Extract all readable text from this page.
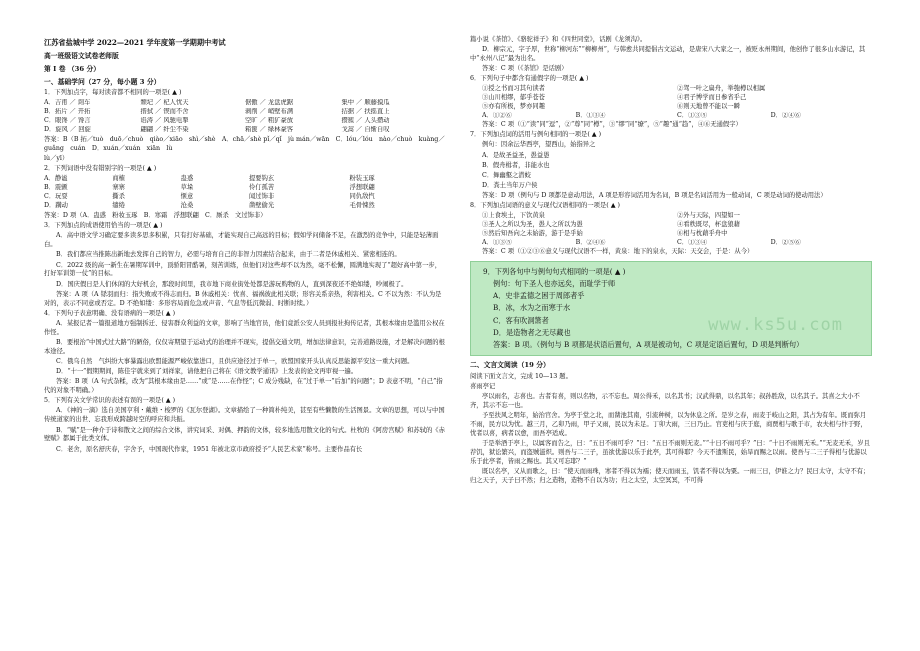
江苏省盐城中学 2022—2021 学年度第一学期期中考试

高一班级语文试卷老师版

第 I 卷 （36 分）

一、基础学问（27 分，每小题 3 分）

1．下列加点字，每对读音都不相同的一项是( ▲ )

A．吉甫 ／ 剡车	颓圮 ／ 杞人忧天	倨傲 ／ 龙盘虎踞	集中 ／ 顺藤摸瓜
B．拓片 ／ 开拓	揩拭 ／ 锲而不舍	剥削 ／ 峭壁布满	拮据 ／ 扶摇直上
C．眼馋 ／ 馋言	谄涛 ／ 风驰电掣	空旷 ／ 粗犷豪放	攒簇 ／ 人头攒动
D．旋风 ／ 回旋	翩翩 ／ 纤尘不染	箱箧 ／ 绿林豪客	戈蒿 ／ 自惭自叹

答案：B（B 拓／tuò　duō／chuò　qiào／xiāo　shì／shè　A．chā／shè pǐ／qǐ　jù mán／wān　C．lóu／lóu　nào／chuò　kuàng／guǎng　cuán　D．xuán／xuán　xiān　lù

lù／yī）

2．下列词语中没有错别字的一项是( ▲ )

A．静谧	商榷	蛊惑	提要钩玄	粉装玉琢
B．震颤	寨寨	草垛	伶仃孤苦	浮想联翩
C．玩耍	撕杀	惬意	闻过饰非	同仇敌忾
D．蹒动	缱绻	沧桑	凿壁偷光	毛骨悚然

答案：D 项（A．蛊惑　粉妆玉琢　B．寒霜　浮想联翩　C．厮杀　文过饰非）

3．下列加点的成语使用恰当的一项是( ▲ )

A．高中语文学习确定要多读多思多积累，只有打好基础，才能实现自己高远的目标；假如学问储备不足，在激烈的竞争中，只能是轻薄面白。

B．我们都应当推陈出新地去发挥自己的智力，必需与培育自己的非智力因素结合起来，由于二者是休戚相关、紧密相连的。

C．2022 级的高一新生在暑期军训中，顶骄阳冒酷暑，刻苦训练，但他们对这些却不以为然，毫不松懈，圆满地实现了“超好高中第一步，打好军训第一仗”的目标。

D．国庆假日是人们休闲的大好机会，那段时间里，我市地下商业街处处都是游玩购物的人，直到深夜还不绝如缕，吵闹极了。

答案：A 项（A 铩羽而归：指失败或不得志而归。B 休戚相关：忧喜、福祸彼此相关联；形容关系亲热，利害相关。C 不以为然：不认为是对的，表示不同意或否定。D 不绝如缕：多形容局面危急或声音、气息等低沉微弱、时断时续。）

4．下列句子表意明确、没有语病的一项是( ▲ )

A．某报记者一篇报道地方强制拆迁、侵害群众利益的文章，影响了当地官员，他们竟派公安人员到报社拘传记者，其根本缘由是滥用公权在作怪。

B．要根治“中国式过大路”的陋俗，仅仅寄期望于运动式的治理并不现实，提倡交通文明，增加法律意识，完善道路设施，才是解决问题的根本途径。

C．俄乌自然　气纠纷大事暴露出欧盟能源严峻依靠进口，且供应途径过于单一，欧盟国家开头认真反思能源平安这一重大问题。

D．“十一”假期期间，陈佳宇就来到了刘祥家，请他把自己将在《语文教学通讯》上发表的论文再审视一遍。

答案：B 项（A 句式杂糅，改为“其根本缘由是……”或“是……在作怪”；C 成分残缺，在“过于单一”后加“的问题”；D 表意不明，“自己”指代的对象不明确。）

5．下列有关文学常识的表述有误的一项是( ▲ )

A．《神的一滴》选自美国亨利・戴维・梭罗的《瓦尔登湖》。文章描绘了一种简朴纯美，甚至有些懒散的生活图景。文章的思想，可以与中国传统道家的出世、忘我形成跨越时空的呼应和共振。

B．“赋”是一种介于诗和散文之间的综合文体，讲究词采、对偶、押韵的文体，较多地选用散文化的句式。杜牧的《阿房宫赋》和苏轼的《赤壁赋》都属于此类文体。

C．老舍，原名舒庆春，字舍予，中国现代作家，1951 年被北京市政府授予“人民艺术家”称号。主要作品有长

篇小说《茶馆》、《骆驼祥子》和《四世同堂》，话剧《龙须沟》。

D．柳宗元，字子厚，世称“柳河东”“柳柳州”，与韩愈共同提倡古文运动，是唐宋八大家之一，被贬永州期间，他创作了很多山水游记，其中“永州八记”最为出名。

答案：C 项（《茶馆》是话剧）

6．下列句子中都含有通假字的一项是( ▲ )

①授之书而习其句读者	②驾一叶之扁舟，举匏樽以相属
③山川相缪，郁乎苍苍	④君子博学而日参省乎己
⑤亦有所极，梦亦同趣	⑥则天地曾不能以一瞬
A．①②⑥	B．①③④	C．①③⑤	D．②④⑥

答案：C 项（①“读”同“逗”，②“尊”同“樽”，③“缪”同“缭”，⑤“趣”通“趋”，④⑥无通假字）

7．下列加点词的活用与例句相同的一项是( ▲ )

例句：因余沄华西亭，望西山，始指异之

A．是故圣益圣，愚益愚

B．假舟楫者，非能水也

C．舞幽壑之潜蛟

D．粪土当年万户侯

答案：D 项（例句与 D 项都是意动用法，A 项是形容词活用为名词，B 项是名词活用为一般动词，C 项是动词的使动用法）

8．下列加点词语的意义与现代汉语相同的一项是( ▲ )

①上食埃土，下饮黄泉	②外与天际，四望如一
③圣人之所以为圣，愚人之所以为愚	④看秩既尽，杯盘狼藉
⑤然后知吾向之未始游，游于是乎始	⑥相与枕藉乎舟中
A．①③⑤	B．②④⑥	C．①③④	D．②⑤⑥

答案：C 项（①②③⑥意义与现代汉语不一样，黄泉：地下的泉水，天际：天交会，于是：从今）

www.ks5u.com

9．下列各句中与例句句式相同的一项是( ▲ )

例句：句下圣人也亦远矣，而耻学于师

A．史非孟德之困于周郎者乎

B．冰，水为之而寒于水

C．客有吹洞箫者

D．是造物者之无尽藏也

答案：B 项。（例句与 B 项都是状语后置句，A 项是被动句，C 项是定语后置句，D 项是判断句）

二、文言文阅读（19 分）

阅读下面文言文，完成 10—13 题。

喜雨亭记

亭以雨名，志喜也。古者有喜，则以名物，示不忘也。周公得禾，以名其书；汉武得鼎，以名其年；叔孙胜敌，以名其子。其喜之大小不齐，其示不忘一也。

予至扶风之明年，始治官舍。为亭于堂之北，而凿池其南，引流种树，以为休息之所。是岁之春，雨麦于岐山之阳，其占为有年。既而弥月不雨，民方以为忧。越三月，乙卯乃雨，甲子又雨，民以为未足。丁卯大雨，三日乃止。官吏相与庆于庭，商贾相与歌于市，农夫相与忭于野，忧者以喜，病者以愈，而吾亭适成。

于是举酒于亭上，以属客而告之，曰：“五日不雨可乎？”曰：“五日不雨则无麦。”“十日不雨可乎？”曰：“十日不雨则无禾。”“无麦无禾，岁且荐饥，狱讼繁兴，而盗贼滋炽。则吾与二三子，虽欲优游以乐于此亭，其可得耶？今天不遗斯民，始旱而赐之以雨。使吾与二三子得相与优游以乐于此亭者，皆雨之赐也。其又可忘耶？”

既以名亭，又从而歌之，曰：“使天而雨珠，寒者不得以为襦；使天而雨玉，饥者不得以为粟。一雨三日，伊谁之力？民曰太守，太守不有；归之天子，天子曰不然；归之造物，造物不自以为功；归之太空，太空冥冥，不可得
